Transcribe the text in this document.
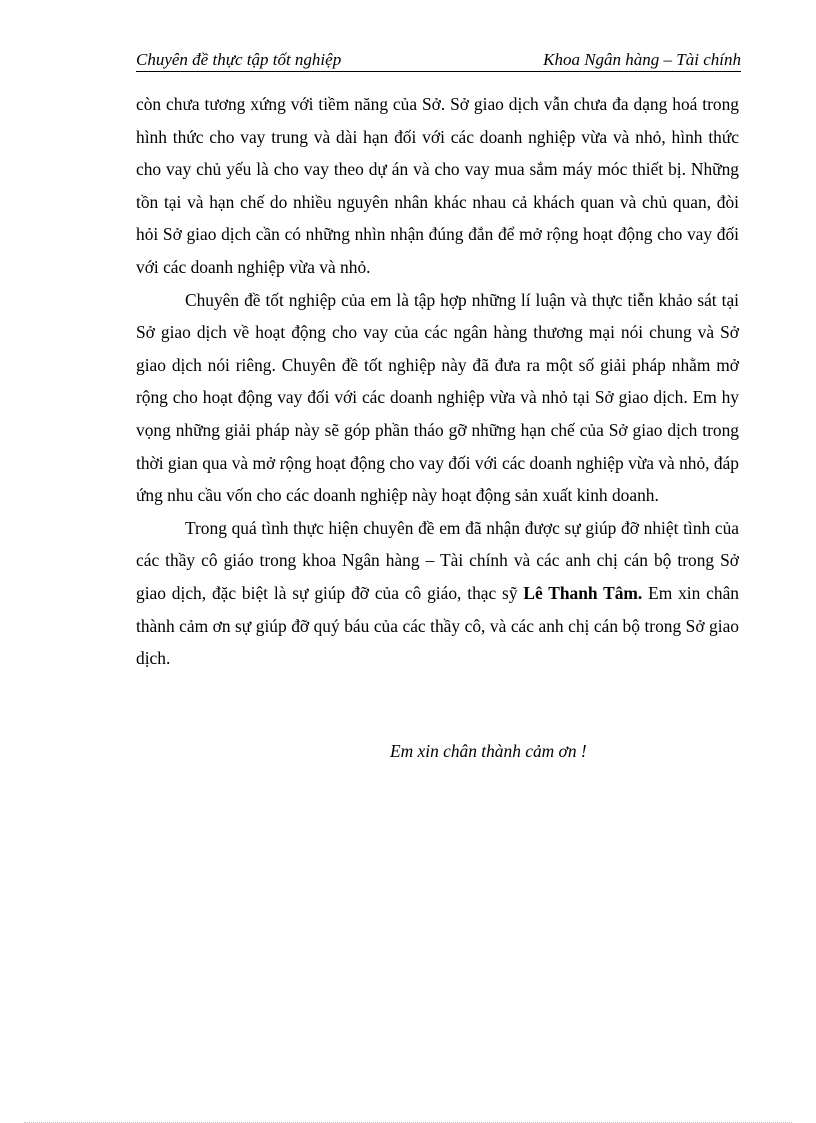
Chuyên đề thực tập tốt nghiệp	Khoa Ngân hàng – Tài chính

còn chưa tương xứng với tiềm năng của Sở. Sở giao dịch vẫn chưa đa dạng hoá trong hình thức cho vay trung và dài hạn đối với các doanh nghiệp vừa và nhỏ, hình thức cho vay chủ yếu là cho vay theo dự án và cho vay mua sắm máy móc thiết bị. Những tồn tại và hạn chế do nhiều nguyên nhân khác nhau cả khách quan và chủ quan, đòi hỏi Sở giao dịch cần có những nhìn nhận đúng đắn để mở rộng hoạt động cho vay đối với các doanh nghiệp vừa và nhỏ.

Chuyên đề tốt nghiệp của em là tập hợp những lí luận và thực tiễn khảo sát tại Sở giao dịch về hoạt động cho vay của các ngân hàng thương mại nói chung và Sở giao dịch nói riêng. Chuyên đề tốt nghiệp này đã đưa ra một số giải pháp nhằm mở rộng cho hoạt động vay đối với các doanh nghiệp vừa và nhỏ tại Sở giao dịch. Em hy vọng những giải pháp này sẽ góp phần tháo gỡ những hạn chế của Sở giao dịch trong thời gian qua và mở rộng hoạt động cho vay đối với các doanh nghiệp vừa và nhỏ, đáp ứng nhu cầu vốn cho các doanh nghiệp này hoạt động sản xuất kinh doanh.

Trong quá tình thực hiện chuyên đề em đã nhận được sự giúp đỡ nhiệt tình của các thầy cô giáo trong khoa Ngân hàng – Tài chính và các anh chị cán bộ trong Sở giao dịch, đặc biệt là sự giúp đỡ của cô giáo, thạc sỹ Lê Thanh Tâm. Em xin chân thành cảm ơn sự giúp đỡ quý báu của các thầy cô, và các anh chị cán bộ trong Sở giao dịch.

Em xin chân thành cảm ơn !
